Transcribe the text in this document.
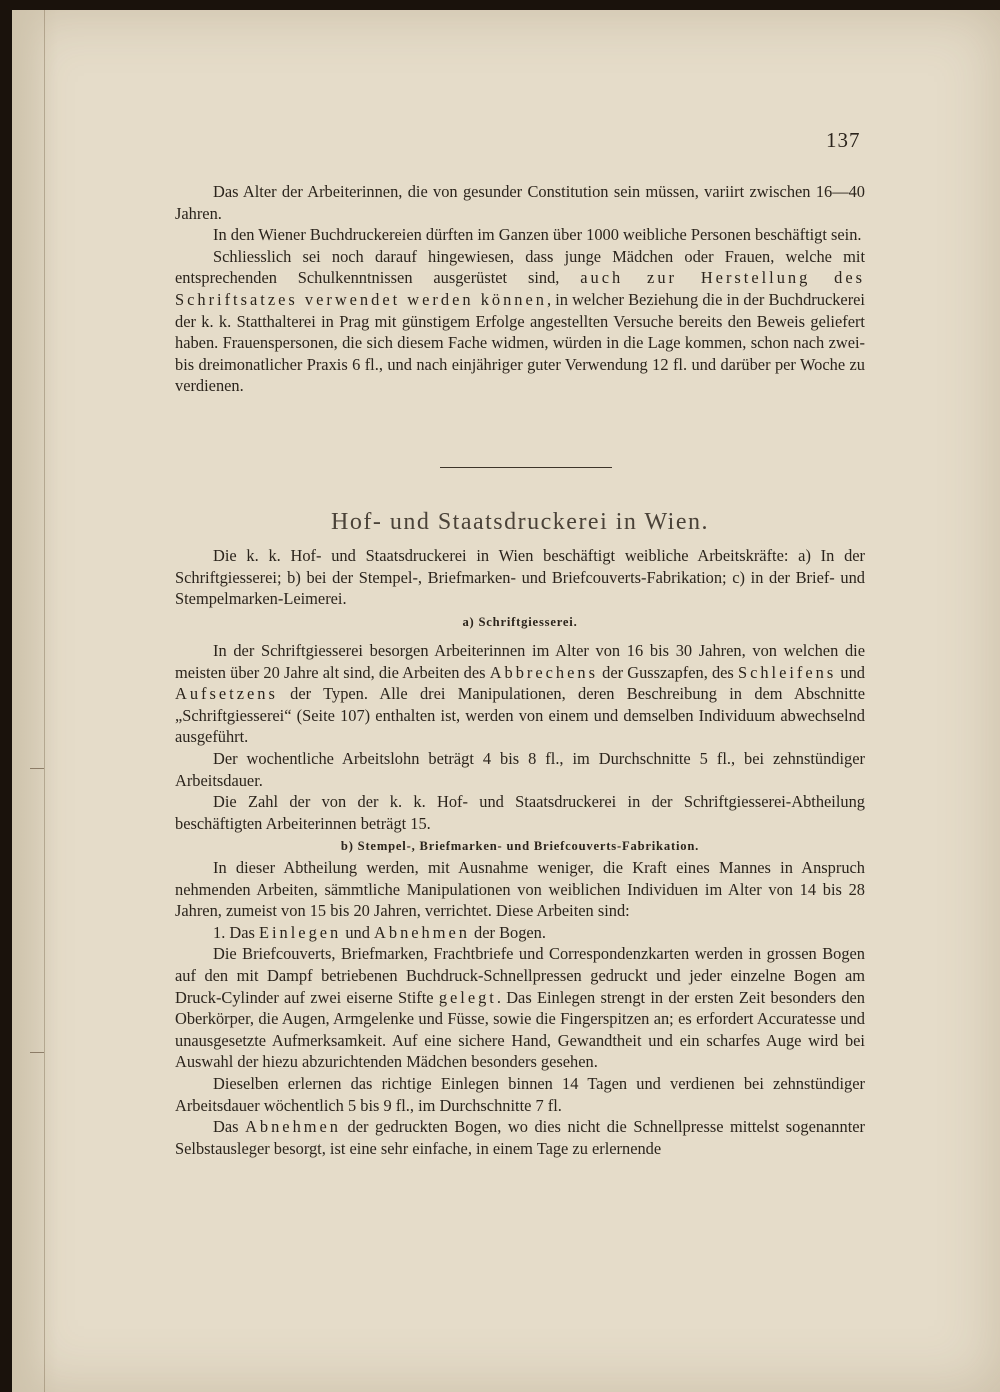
137

Das Alter der Arbeiterinnen, die von gesunder Constitution sein müssen, variirt zwischen 16—40 Jahren.

In den Wiener Buchdruckereien dürften im Ganzen über 1000 weibliche Personen beschäftigt sein.

Schliesslich sei noch darauf hingewiesen, dass junge Mädchen oder Frauen, welche mit entsprechenden Schulkenntnissen ausgerüstet sind, auch zur Herstellung des Schriftsatzes verwendet werden können, in welcher Beziehung die in der Buchdruckerei der k. k. Statthalterei in Prag mit günstigem Erfolge angestellten Versuche bereits den Beweis geliefert haben. Frauenspersonen, die sich diesem Fache widmen, würden in die Lage kommen, schon nach zwei- bis dreimonatlicher Praxis 6 fl., und nach einjähriger guter Verwendung 12 fl. und darüber per Woche zu verdienen.

Hof- und Staatsdruckerei in Wien.

Die k. k. Hof- und Staatsdruckerei in Wien beschäftigt weibliche Arbeitskräfte: a) In der Schriftgiesserei; b) bei der Stempel-, Briefmarken- und Briefcouverts-Fabrikation; c) in der Brief- und Stempelmarken-Leimerei.

a) Schriftgiesserei.

In der Schriftgiesserei besorgen Arbeiterinnen im Alter von 16 bis 30 Jahren, von welchen die meisten über 20 Jahre alt sind, die Arbeiten des Abbrechens der Gusszapfen, des Schleifens und Aufsetzens der Typen. Alle drei Manipulationen, deren Beschreibung in dem Abschnitte „Schriftgiesserei“ (Seite 107) enthalten ist, werden von einem und demselben Individuum abwechselnd ausgeführt.

Der wochentliche Arbeitslohn beträgt 4 bis 8 fl., im Durchschnitte 5 fl., bei zehnstündiger Arbeitsdauer.

Die Zahl der von der k. k. Hof- und Staatsdruckerei in der Schriftgiesserei-Abtheilung beschäftigten Arbeiterinnen beträgt 15.

b) Stempel-, Briefmarken- und Briefcouverts-Fabrikation.

In dieser Abtheilung werden, mit Ausnahme weniger, die Kraft eines Mannes in Anspruch nehmenden Arbeiten, sämmtliche Manipulationen von weiblichen Individuen im Alter von 14 bis 28 Jahren, zumeist von 15 bis 20 Jahren, verrichtet. Diese Arbeiten sind:

1. Das Einlegen und Abnehmen der Bogen.

Die Briefcouverts, Briefmarken, Frachtbriefe und Correspondenzkarten werden in grossen Bogen auf den mit Dampf betriebenen Buchdruck-Schnellpressen gedruckt und jeder einzelne Bogen am Druck-Cylinder auf zwei eiserne Stifte gelegt. Das Einlegen strengt in der ersten Zeit besonders den Oberkörper, die Augen, Armgelenke und Füsse, sowie die Fingerspitzen an; es erfordert Accuratesse und unausgesetzte Aufmerksamkeit. Auf eine sichere Hand, Gewandtheit und ein scharfes Auge wird bei Auswahl der hiezu abzurichtenden Mädchen besonders gesehen.

Dieselben erlernen das richtige Einlegen binnen 14 Tagen und verdienen bei zehnstündiger Arbeitsdauer wöchentlich 5 bis 9 fl., im Durchschnitte 7 fl.

Das Abnehmen der gedruckten Bogen, wo dies nicht die Schnellpresse mittelst sogenannter Selbstausleger besorgt, ist eine sehr einfache, in einem Tage zu erlernende
